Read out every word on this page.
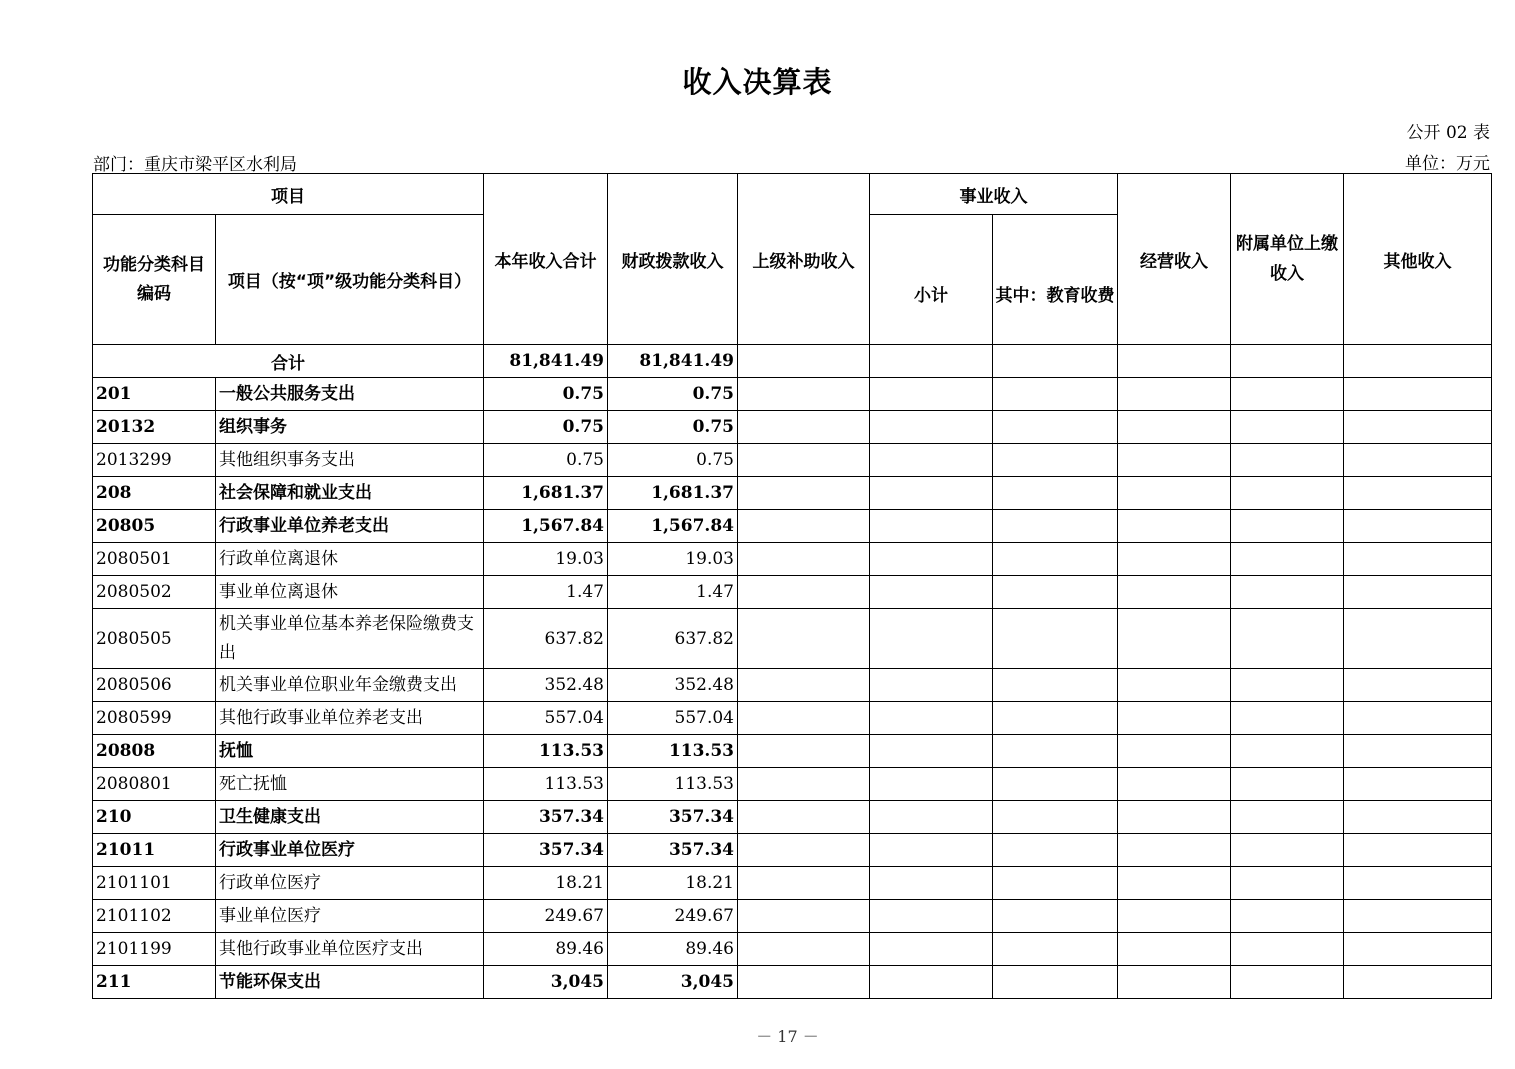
收入决算表
公开 02 表
部门：重庆市梁平区水利局	单位：万元
项目		本年收入合计	财政拨款收入	上级补助收入	事业收入		经营收入	附属单位上缴收入	其他收入
功能分类科目编码	项目（按“项”级功能分类科目）				小计	其中：教育收费			
合计		81,841.49	81,841.49						
201	一般公共服务支出	0.75	0.75						
20132	组织事务	0.75	0.75						
2013299	其他组织事务支出	0.75	0.75						
208	社会保障和就业支出	1,681.37	1,681.37						
20805	行政事业单位养老支出	1,567.84	1,567.84						
2080501	行政单位离退休	19.03	19.03						
2080502	事业单位离退休	1.47	1.47						
2080505	机关事业单位基本养老保险缴费支出	637.82	637.82						
2080506	机关事业单位职业年金缴费支出	352.48	352.48						
2080599	其他行政事业单位养老支出	557.04	557.04						
20808	抚恤	113.53	113.53						
2080801	死亡抚恤	113.53	113.53						
210	卫生健康支出	357.34	357.34						
21011	行政事业单位医疗	357.34	357.34						
2101101	行政单位医疗	18.21	18.21						
2101102	事业单位医疗	249.67	249.67						
2101199	其他行政事业单位医疗支出	89.46	89.46						
211	节能环保支出	3,045	3,045						
－ 17 －
